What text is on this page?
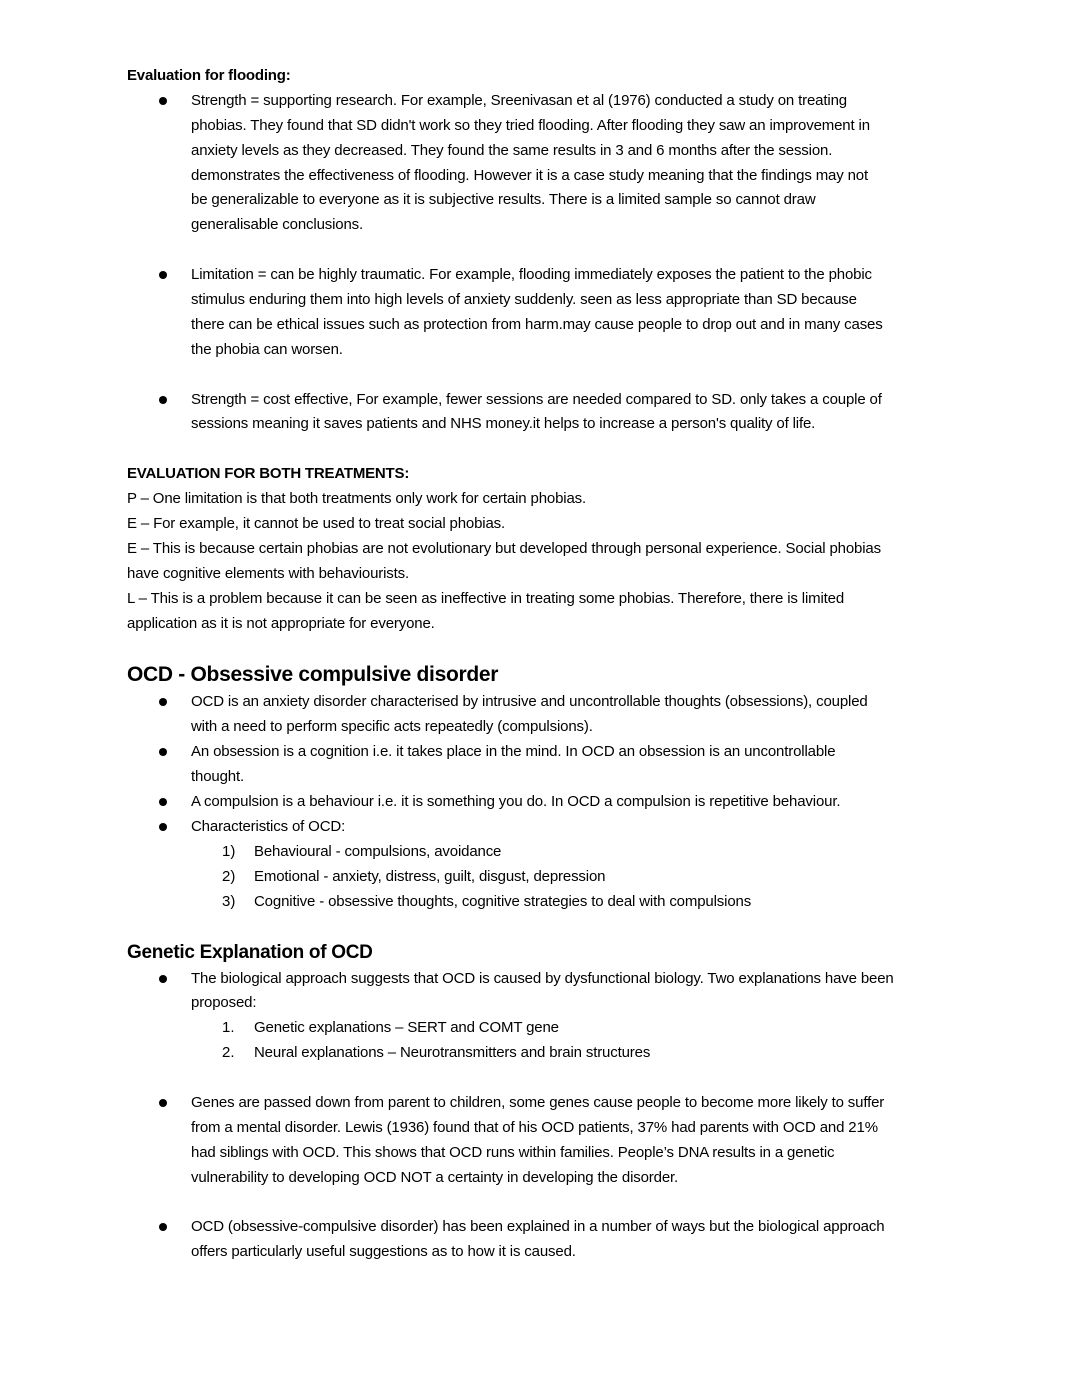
Evaluation for flooding:
Strength = supporting research. For example, Sreenivasan et al (1976) conducted a study on treating
phobias. They found that SD didn't work so they tried flooding. After flooding they saw an improvement in
anxiety levels as they decreased. They found the same results in 3 and 6 months after the session.
demonstrates the effectiveness of flooding. However it is a case study meaning that the findings may not
be generalizable to everyone as it is subjective results. There is a limited sample so cannot draw
generalisable conclusions.
Limitation = can be highly traumatic. For example, flooding immediately exposes the patient to the phobic
stimulus enduring them into high levels of anxiety suddenly. seen as less appropriate than SD because
there can be ethical issues such as protection from harm.may cause people to drop out and in many cases
the phobia can worsen.
Strength = cost effective, For example, fewer sessions are needed compared to SD. only takes a couple of
sessions meaning it saves patients and NHS money.it helps to increase a person's quality of life.
EVALUATION FOR BOTH TREATMENTS:
P – One limitation is that both treatments only work for certain phobias.
E – For example, it cannot be used to treat social phobias.
E – This is because certain phobias are not evolutionary but developed through personal experience. Social phobias
have cognitive elements with behaviourists.
L – This is a problem because it can be seen as ineffective in treating some phobias. Therefore, there is limited
application as it is not appropriate for everyone.
OCD - Obsessive compulsive disorder
OCD is an anxiety disorder characterised by intrusive and uncontrollable thoughts (obsessions), coupled
with a need to perform specific acts repeatedly (compulsions).
An obsession is a cognition i.e. it takes place in the mind. In OCD an obsession is an uncontrollable
thought.
A compulsion is a behaviour i.e. it is something you do. In OCD a compulsion is repetitive behaviour.
Characteristics of OCD:
1) Behavioural - compulsions, avoidance
2) Emotional - anxiety, distress, guilt, disgust, depression
3) Cognitive - obsessive thoughts, cognitive strategies to deal with compulsions
Genetic Explanation of OCD
The biological approach suggests that OCD is caused by dysfunctional biology. Two explanations have been
proposed:
1. Genetic explanations – SERT and COMT gene
2. Neural explanations – Neurotransmitters and brain structures
Genes are passed down from parent to children, some genes cause people to become more likely to suffer
from a mental disorder. Lewis (1936) found that of his OCD patients, 37% had parents with OCD and 21%
had siblings with OCD. This shows that OCD runs within families. People’s DNA results in a genetic
vulnerability to developing OCD NOT a certainty in developing the disorder.
OCD (obsessive-compulsive disorder) has been explained in a number of ways but the biological approach
offers particularly useful suggestions as to how it is caused.
